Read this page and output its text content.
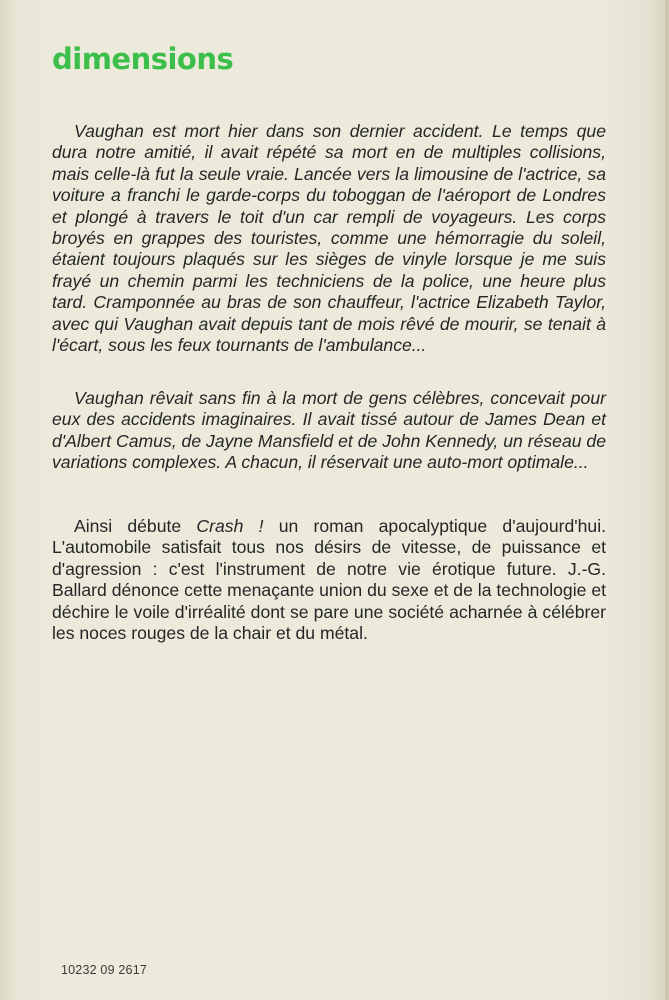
dimensions

Vaughan est mort hier dans son dernier accident. Le temps que dura notre amitié, il avait répété sa mort en de multiples collisions, mais celle-là fut la seule vraie. Lancée vers la limousine de l'actrice, sa voiture a franchi le garde-corps du toboggan de l'aéroport de Londres et plongé à travers le toit d'un car rempli de voyageurs. Les corps broyés en grappes des touristes, comme une hémorragie du soleil, étaient toujours plaqués sur les sièges de vinyle lorsque je me suis frayé un chemin parmi les techniciens de la police, une heure plus tard. Cramponnée au bras de son chauffeur, l'actrice Elizabeth Taylor, avec qui Vaughan avait depuis tant de mois rêvé de mourir, se tenait à l'écart, sous les feux tournants de l'ambulance...

Vaughan rêvait sans fin à la mort de gens célèbres, concevait pour eux des accidents imaginaires. Il avait tissé autour de James Dean et d'Albert Camus, de Jayne Mansfield et de John Kennedy, un réseau de variations complexes. A chacun, il réservait une auto-mort optimale...

Ainsi débute Crash ! un roman apocalyptique d'aujourd'hui. L'automobile satisfait tous nos désirs de vitesse, de puissance et d'agression : c'est l'instrument de notre vie érotique future. J.-G. Ballard dénonce cette menaçante union du sexe et de la technologie et déchire le voile d'irréalité dont se pare une société acharnée à célébrer les noces rouges de la chair et du métal.

10232 09 2617
